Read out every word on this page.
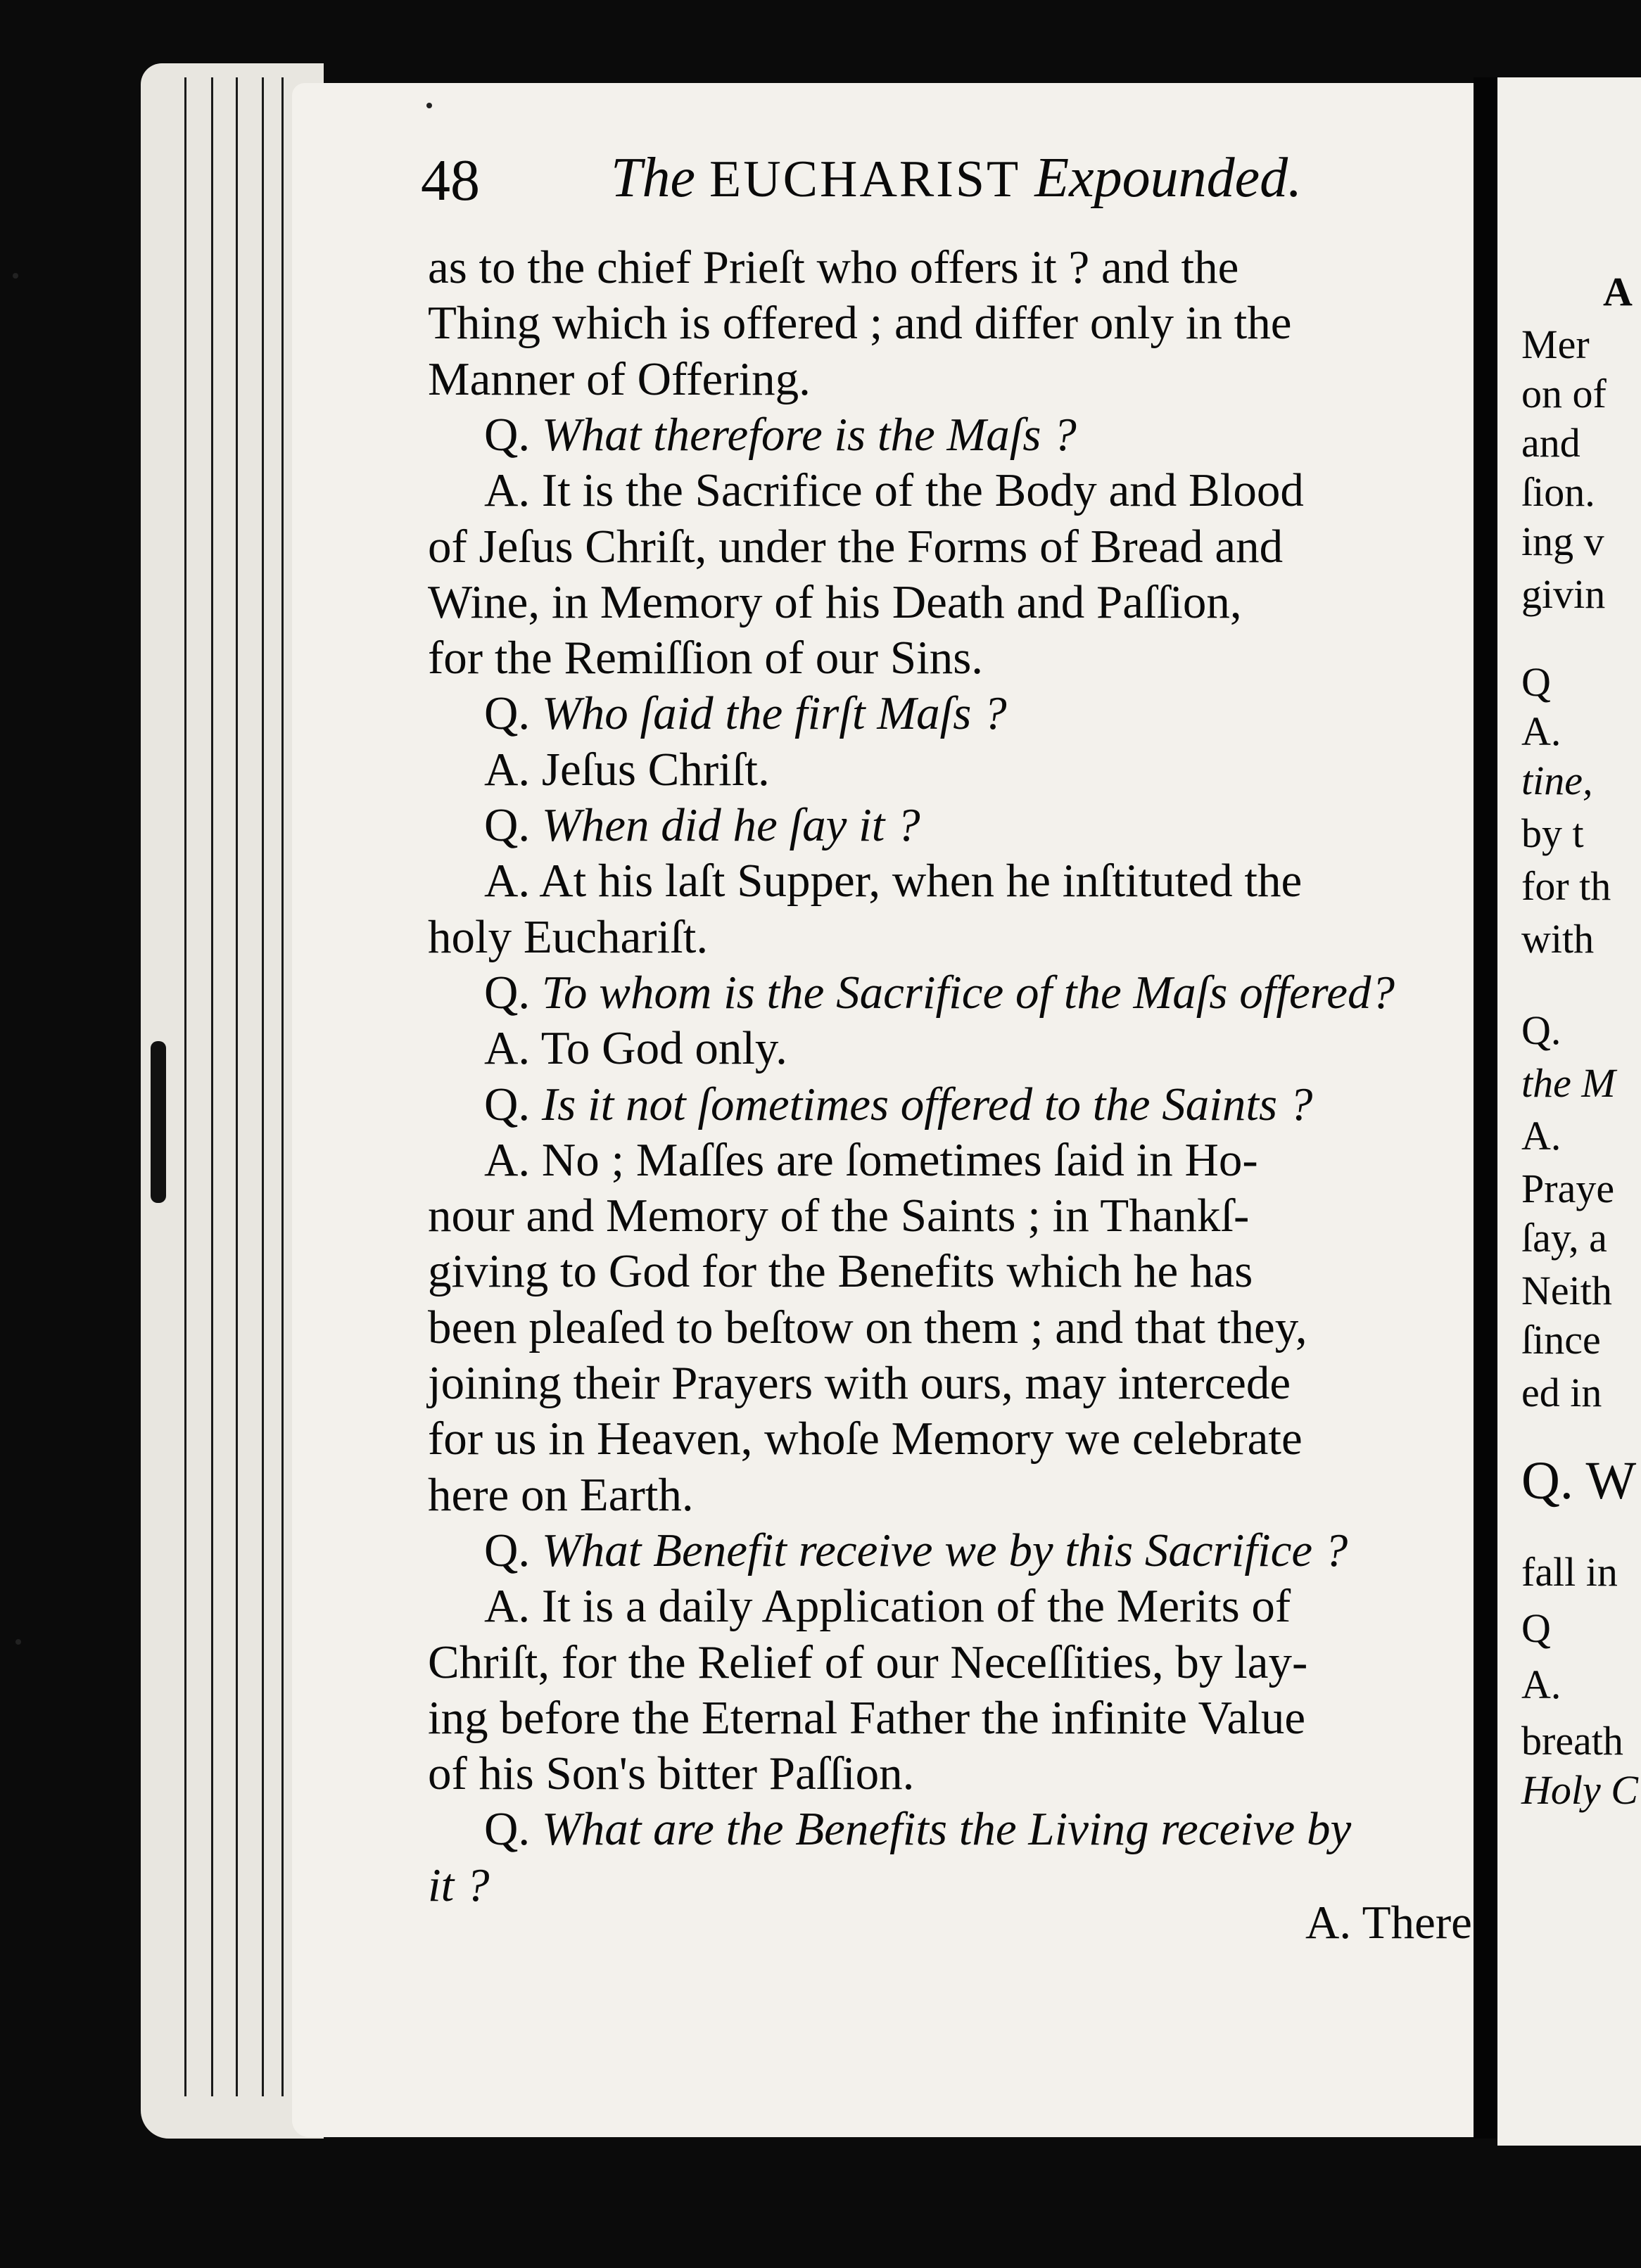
A
Mer
on of
and
ſion.
ing v
givin
Q
A.
tine,
by t
for th
with
Q.
the M
A.
Praye
ſay, a
Neith
ſince
ed in
Q. W
fall in
Q
A.
breath
Holy C
48 The EUCHARIST Expounded.
as to the chief Prieſt who offers it ? and the
Thing which is offered ; and differ only in the
Manner of Offering.
Q. What therefore is the Maſs ?
A. It is the Sacrifice of the Body and Blood
of Jeſus Chriſt, under the Forms of Bread and
Wine, in Memory of his Death and Paſſion,
for the Remiſſion of our Sins.
Q. Who ſaid the firſt Maſs ?
A. Jeſus Chriſt.
Q. When did he ſay it ?
A. At his laſt Supper, when he inſtituted the
holy Euchariſt.
Q. To whom is the Sacrifice of the Maſs offered?
A. To God only.
Q. Is it not ſometimes offered to the Saints ?
A. No ; Maſſes are ſometimes ſaid in Ho-
nour and Memory of the Saints ; in Thankſ-
giving to God for the Benefits which he has
been pleaſed to beſtow on them ; and that they,
joining their Prayers with ours, may intercede
for us in Heaven, whoſe Memory we celebrate
here on Earth.
Q. What Benefit receive we by this Sacrifice ?
A. It is a daily Application of the Merits of
Chriſt, for the Relief of our Neceſſities, by lay-
ing before the Eternal Father the infinite Value
of his Son's bitter Paſſion.
Q. What are the Benefits the Living receive by
it ?
A. There
